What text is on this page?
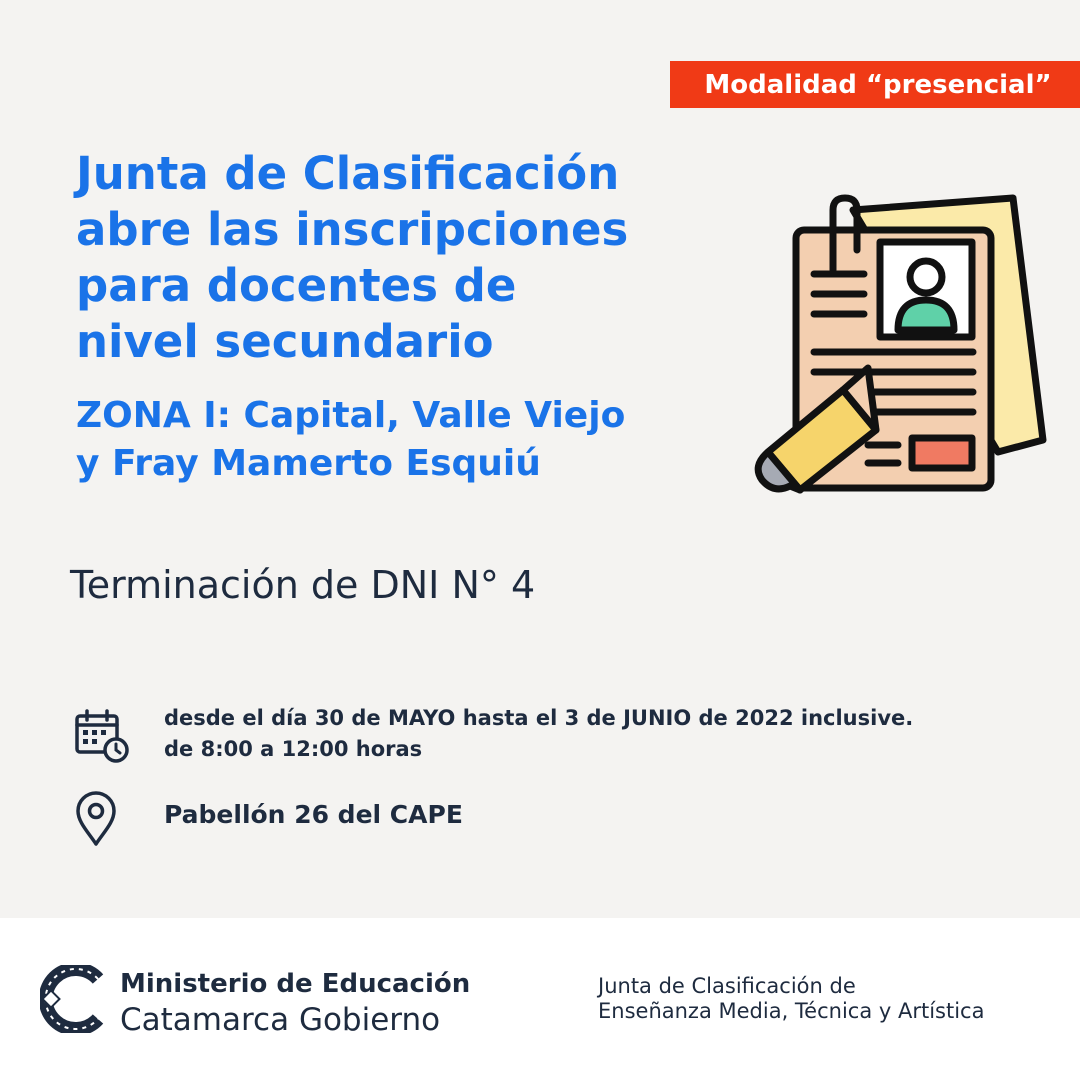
Modalidad “presencial”
Junta de Clasificación
abre las inscripciones
para docentes de
nivel secundario
ZONA I: Capital, Valle Viejo
y Fray Mamerto Esquiú
Terminación de DNI N° 4
desde el día 30 de MAYO hasta el 3 de JUNIO de 2022 inclusive.
de 8:00 a 12:00 horas
Pabellón 26 del CAPE
Ministerio de Educación
Catamarca Gobierno
Junta de Clasificación de
Enseñanza Media, Técnica y Artística
